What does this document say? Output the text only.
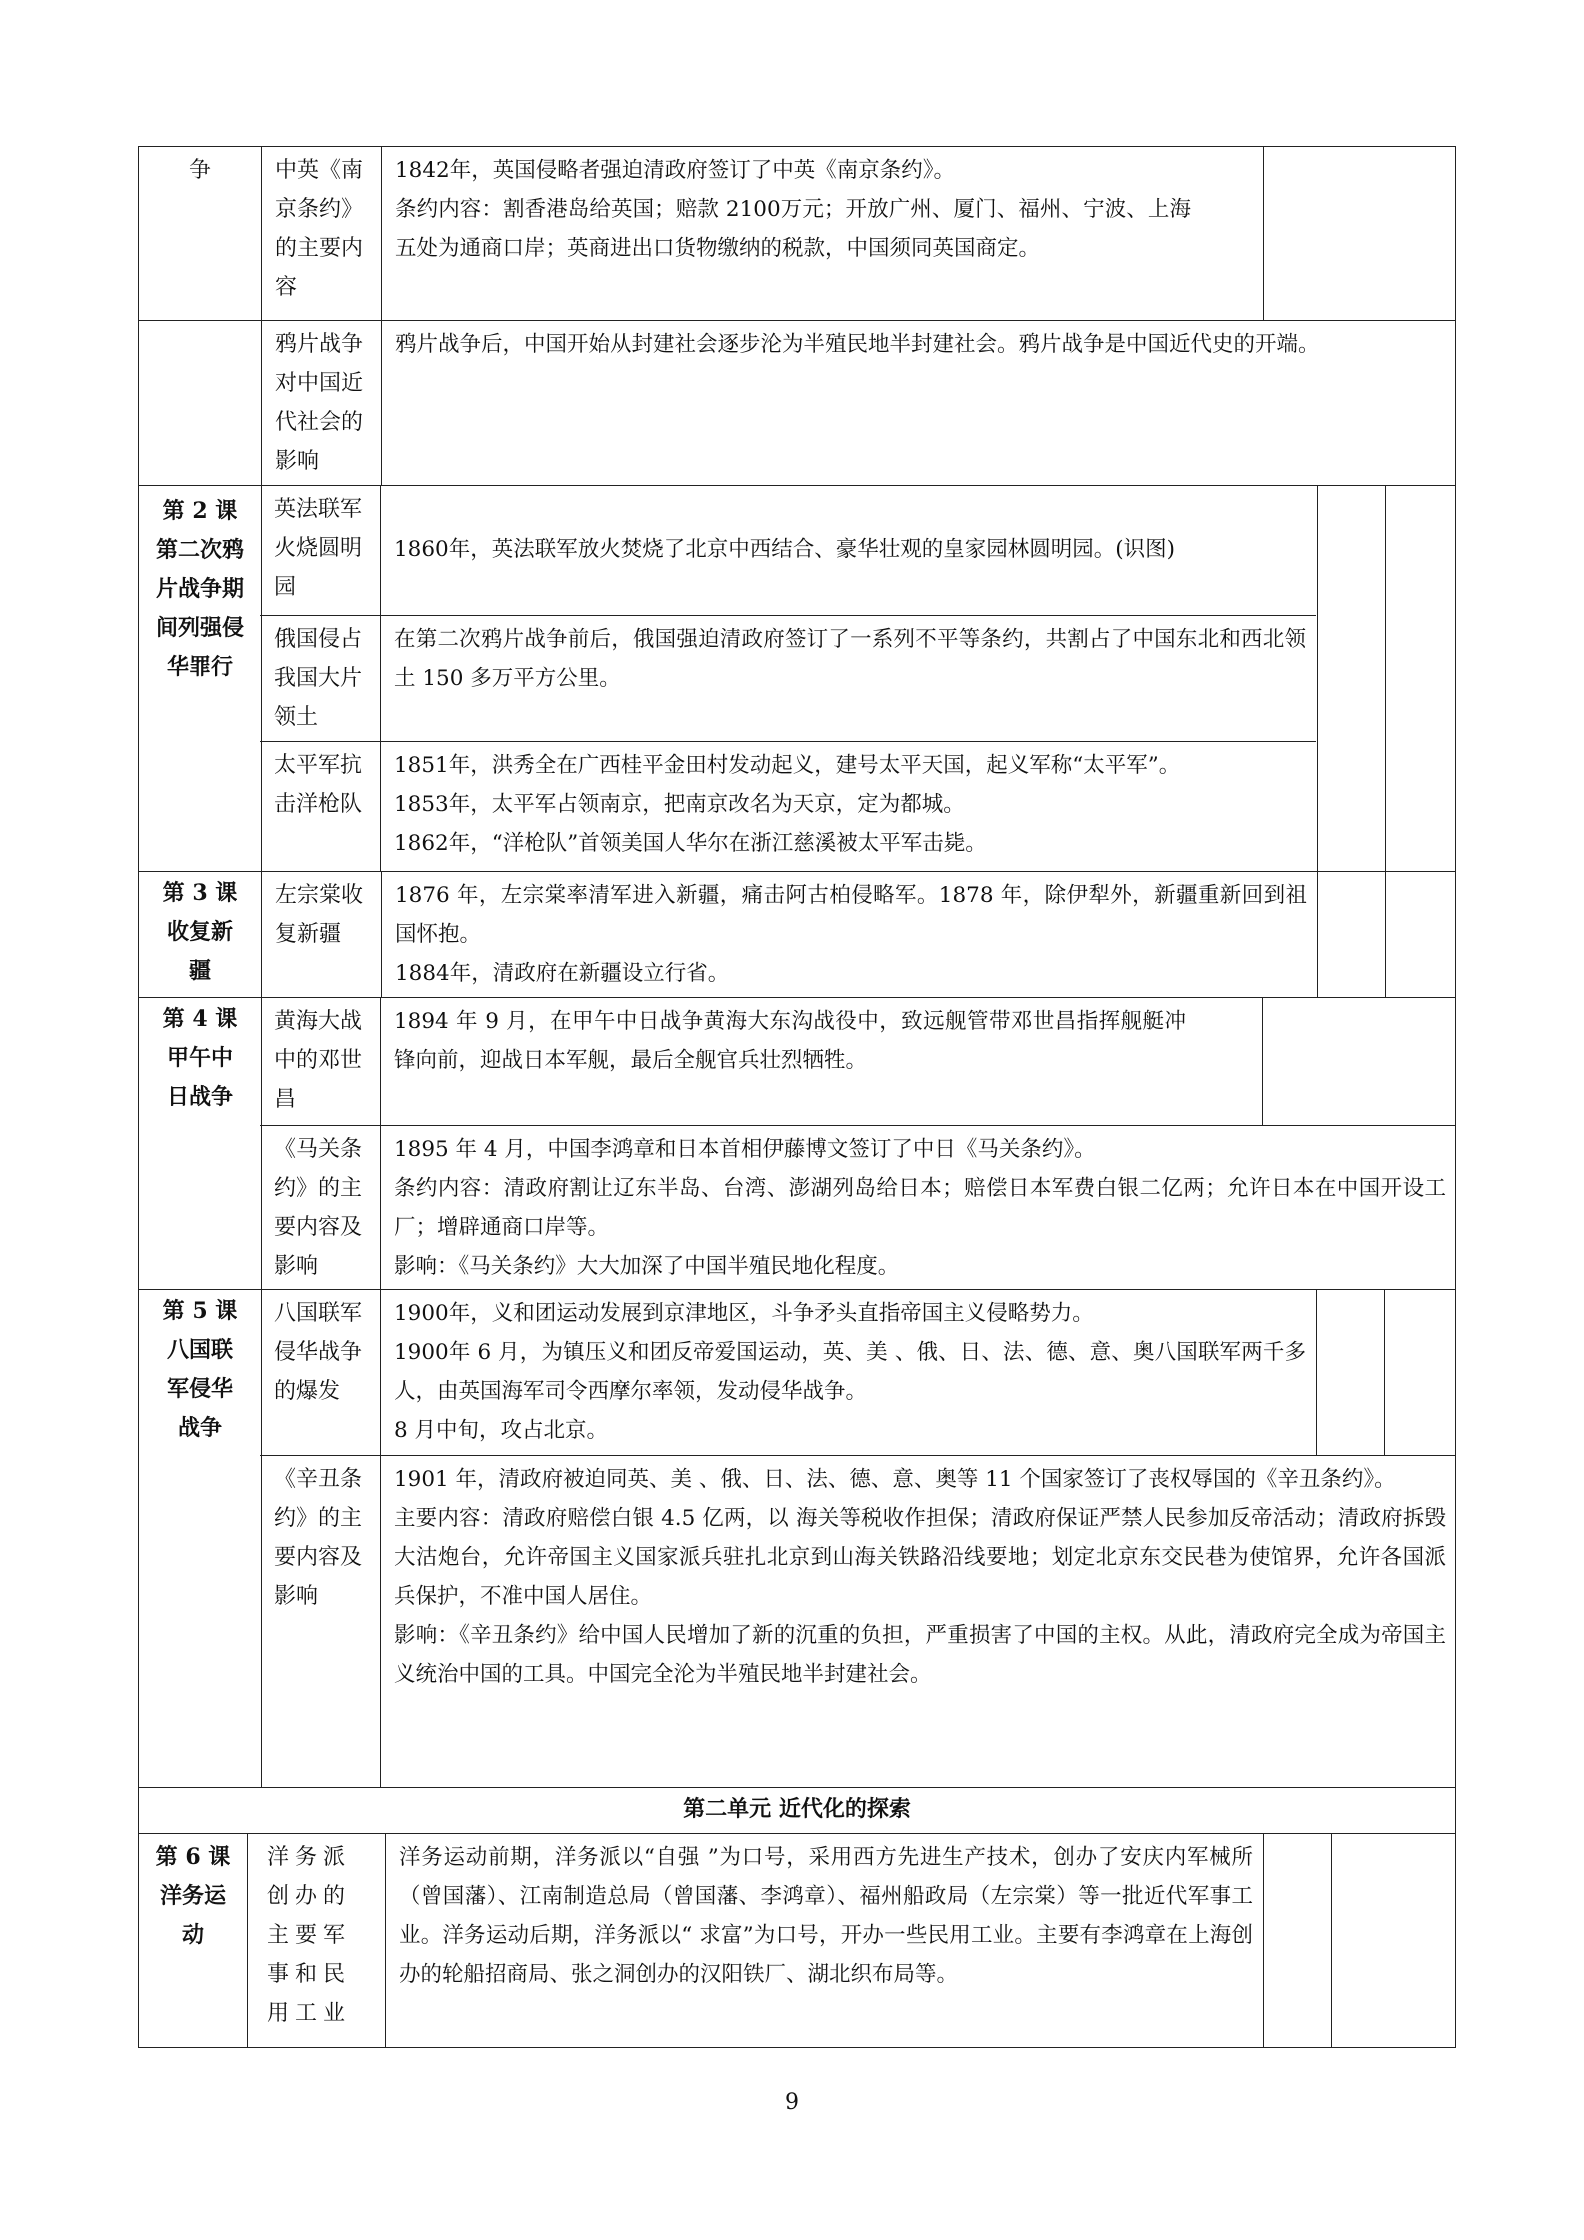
争	中英《南京条约》的主要内容

1842年，英国侵略者强迫清政府签订了中英《南京条约》。

条约内容：割香港岛给英国；赔款 2100万元；开放广州、厦门、福州、宁波、上海五处为通商口岸；英商进出口货物缴纳的税款，中国须同英国商定。

鸦片战争对中国近代社会的影响

鸦片战争后，中国开始从封建社会逐步沦为半殖民地半封建社会。鸦片战争是中国近代史的开端。

第 2 课 第二次鸦片战争期间列强侵华罪行
英法联军火烧圆明园

1860年，英法联军放火焚烧了北京中西结合、豪华壮观的皇家园林圆明园。(识图)

俄国侵占我国大片领土

在第二次鸦片战争前后，俄国强迫清政府签订了一系列不平等条约，共割占了中国东北和西北领土 150 多万平方公里。

太平军抗击洋枪队

1851年，洪秀全在广西桂平金田村发动起义，建号太平天国，起义军称“太平军”。

1853年，太平军占领南京，把南京改名为天京，定为都城。

1862年，“洋枪队”首领美国人华尔在浙江慈溪被太平军击毙。

第 3 课 收复新疆
左宗棠收复新疆

1876 年，左宗棠率清军进入新疆，痛击阿古柏侵略军。1878 年，除伊犁外，新疆重新回到祖国怀抱。

1884年，清政府在新疆设立行省。

第 4 课 甲午中日战争
黄海大战中的邓世昌

1894 年 9 月，在甲午中日战争黄海大东沟战役中，致远舰管带邓世昌指挥舰艇冲锋向前，迎战日本军舰，最后全舰官兵壮烈牺牲。

《马关条约》的主要内容及影响

1895 年 4 月，中国李鸿章和日本首相伊藤博文签订了中日《马关条约》。

条约内容：清政府割让辽东半岛、台湾、澎湖列岛给日本；赔偿日本军费白银二亿两；允许日本在中国开设工厂；增辟通商口岸等。

影响：《马关条约》大大加深了中国半殖民地化程度。

第 5 课 八国联军侵华战争
八国联军侵华战争的爆发

1900年，义和团运动发展到京津地区，斗争矛头直指帝国主义侵略势力。

1900年 6 月，为镇压义和团反帝爱国运动，英、美 、俄、日、法、德、意、奥八国联军两千多人，由英国海军司令西摩尔率领，发动侵华战争。

8 月中旬，攻占北京。

《辛丑条约》的主要内容及影响

1901 年，清政府被迫同英、美 、俄、日、法、德、意、奥等 11 个国家签订了丧权辱国的《辛丑条约》。

主要内容：清政府赔偿白银 4.5 亿两，以 海关等税收作担保；清政府保证严禁人民参加反帝活动；清政府拆毁大沽炮台，允许帝国主义国家派兵驻扎北京到山海关铁路沿线要地；划定北京东交民巷为使馆界，允许各国派兵保护，不准中国人居住。

影响：《辛丑条约》给中国人民增加了新的沉重的负担，严重损害了中国的主权。从此，清政府完全成为帝国主义统治中国的工具。中国完全沦为半殖民地半封建社会。

第二单元 近代化的探索
第 6 课 洋务运动
洋务派创办的主要军事和民用工业

洋务运动前期，洋务派以“自强 ”为口号，采用西方先进生产技术，创办了安庆内军械所（曾国藩）、江南制造总局（曾国藩、李鸿章）、福州船政局（左宗棠）等一批近代军事工业。洋务运动后期，洋务派以“ 求富”为口号，开办一些民用工业。主要有李鸿章在上海创办的轮船招商局、张之洞创办的汉阳铁厂、湖北织布局等。

9
